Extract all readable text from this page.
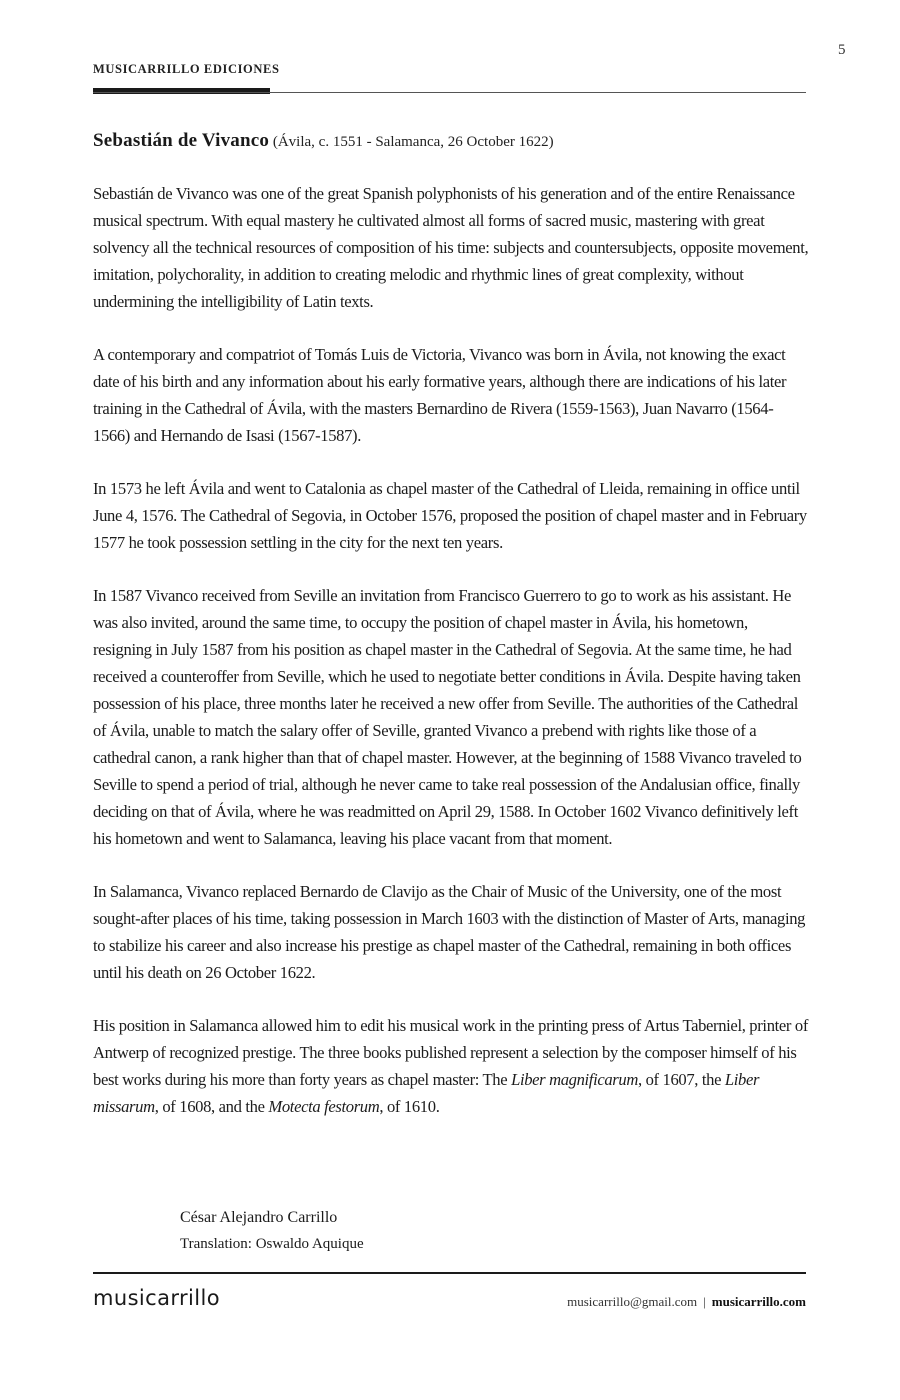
5
MUSICARRILLO EDICIONES
Sebastián de Vivanco (Ávila, c. 1551 - Salamanca, 26 October 1622)

Sebastián de Vivanco was one of the great Spanish polyphonists of his generation and of the entire Renaissance musical spectrum. With equal mastery he cultivated almost all forms of sacred music, mastering with great solvency all the technical resources of composition of his time: subjects and countersubjects, opposite movement, imitation, polychorality, in addition to creating melodic and rhythmic lines of great complexity, without undermining the intelligibility of Latin texts.

A contemporary and compatriot of Tomás Luis de Victoria, Vivanco was born in Ávila, not knowing the exact date of his birth and any information about his early formative years, although there are indications of his later training in the Cathedral of Ávila, with the masters Bernardino de Rivera (1559-1563), Juan Navarro (1564-1566) and Hernando de Isasi (1567-1587).

In 1573 he left Ávila and went to Catalonia as chapel master of the Cathedral of Lleida, remaining in office until June 4, 1576. The Cathedral of Segovia, in October 1576, proposed the position of chapel master and in February 1577 he took possession settling in the city for the next ten years.

In 1587 Vivanco received from Seville an invitation from Francisco Guerrero to go to work as his assistant. He was also invited, around the same time, to occupy the position of chapel master in Ávila, his hometown, resigning in July 1587 from his position as chapel master in the Cathedral of Segovia. At the same time, he had received a counteroffer from Seville, which he used to negotiate better conditions in Ávila. Despite having taken possession of his place, three months later he received a new offer from Seville. The authorities of the Cathedral of Ávila, unable to match the salary offer of Seville, granted Vivanco a prebend with rights like those of a cathedral canon, a rank higher than that of chapel master. However, at the beginning of 1588 Vivanco traveled to Seville to spend a period of trial, although he never came to take real possession of the Andalusian office, finally deciding on that of Ávila, where he was readmitted on April 29, 1588. In October 1602 Vivanco definitively left his hometown and went to Salamanca, leaving his place vacant from that moment.

In Salamanca, Vivanco replaced Bernardo de Clavijo as the Chair of Music of the University, one of the most sought-after places of his time, taking possession in March 1603 with the distinction of Master of Arts, managing to stabilize his career and also increase his prestige as chapel master of the Cathedral, remaining in both offices until his death on 26 October 1622.

His position in Salamanca allowed him to edit his musical work in the printing press of Artus Taberniel, printer of Antwerp of recognized prestige. The three books published represent a selection by the composer himself of his best works during his more than forty years as chapel master: The Liber magnificarum, of 1607, the Liber missarum, of 1608, and the Motecta festorum, of 1610.

César Alejandro Carrillo
Translation: Oswaldo Aquique
musicarrillo	musicarrillo@gmail.com | musicarrillo.com
